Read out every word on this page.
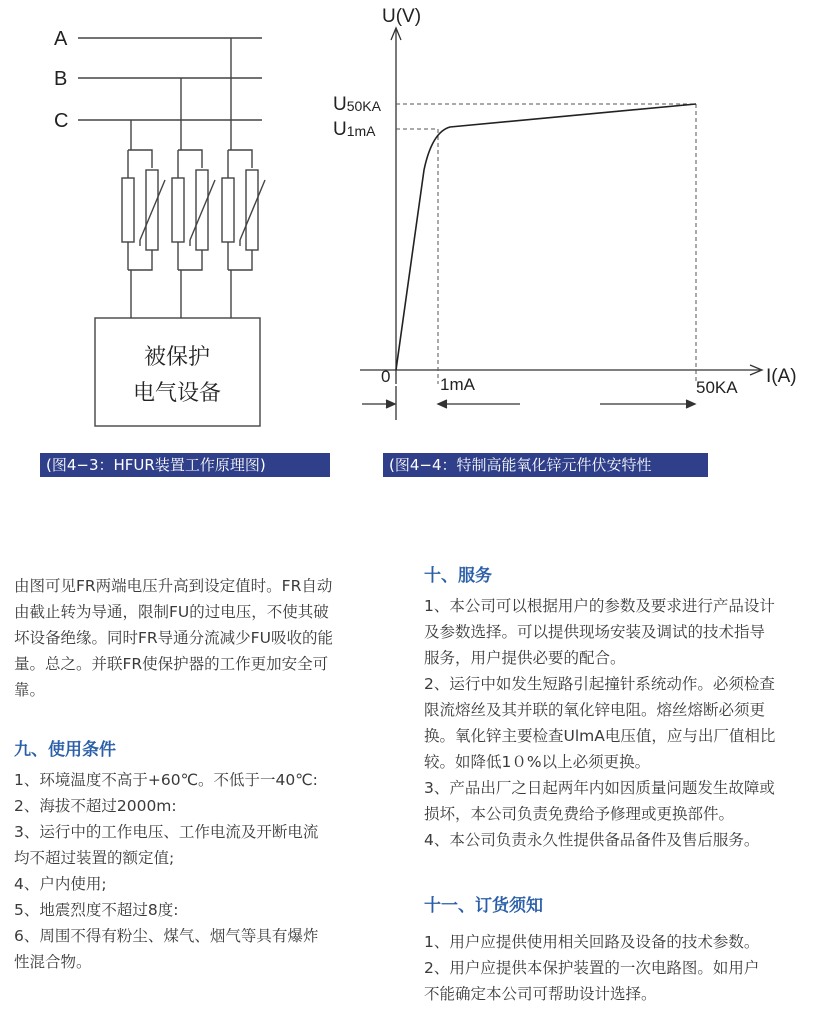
A
B
C
被保护
电气设备
U(V)
I(A)
U50KA
U1mA
0	1mA	50KA
(图4−3：HFUR装置工作原理图)	(图4−4：特制高能氧化锌元件伏安特性

由图可见FR两端电压升高到设定值时。FR自动

由截止转为导通，限制FU的过电压，不使其破

坏设备绝缘。同时FR导通分流减少FU吸收的能

量。总之。并联FR使保护器的工作更加安全可

靠。

九、使用条件

1、环境温度不高于+60℃。不低于一40℃:

2、海拔不超过2000m:

3、运行中的工作电压、工作电流及开断电流

均不超过装置的额定值;

4、户内使用;

5、地震烈度不超过8度:

6、周围不得有粉尘、煤气、烟气等具有爆炸

性混合物。

十、服务

1、本公司可以根据用户的参数及要求进行产品设计

及参数选择。可以提供现场安装及调试的技术指导

服务，用户提供必要的配合。

2、运行中如发生短路引起撞针系统动作。必须检查

限流熔丝及其并联的氧化锌电阻。熔丝熔断必须更

换。氧化锌主要检查UlmA电压值，应与出厂值相比

较。如降低1０%以上必须更换。

3、产品出厂之日起两年内如因质量问题发生故障或

损坏，本公司负责免费给予修理或更换部件。

4、本公司负责永久性提供备品备件及售后服务。

十一、订货须知

1、用户应提供使用相关回路及设备的技术参数。

2、用户应提供本保护装置的一次电路图。如用户

不能确定本公司可帮助设计选择。
